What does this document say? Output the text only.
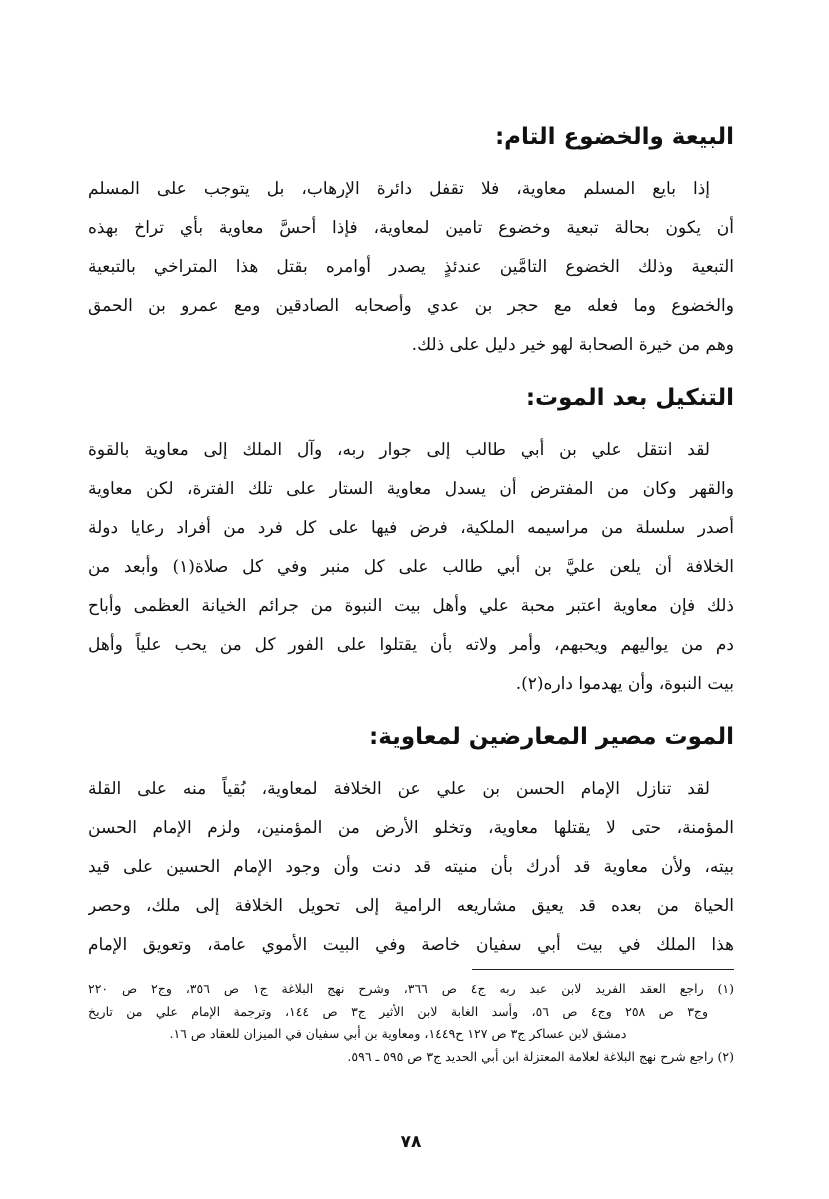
البيعة والخضوع التام:
إذا بايع المسلم معاوية، فلا تقفل دائرة الإرهاب، بل يتوجب على المسلم
أن يكون بحالة تبعية وخضوع تامين لمعاوية، فإذا أحسَّ معاوية بأي تراخ بهذه
التبعية وذلك الخضوع التامَّين عندئذٍ يصدر أوامره بقتل هذا المتراخي بالتبعية
والخضوع وما فعله مع حجر بن عدي وأصحابه الصادقين ومع عمرو بن الحمق
وهم من خيرة الصحابة لهو خير دليل على ذلك.
التنكيل بعد الموت:
لقد انتقل علي بن أبي طالب إلى جوار ربه، وآل الملك إلى معاوية بالقوة
والقهر وكان من المفترض أن يسدل معاوية الستار على تلك الفترة، لكن معاوية
أصدر سلسلة من مراسيمه الملكية، فرض فيها على كل فرد من أفراد رعايا دولة
الخلافة أن يلعن عليَّ بن أبي طالب على كل منبر وفي كل صلاة(١) وأبعد من
ذلك فإن معاوية اعتبر محبة علي وأهل بيت النبوة من جرائم الخيانة العظمى وأباح
دم من يواليهم ويحبهم، وأمر ولاته بأن يقتلوا على الفور كل من يحب علياً وأهل
بيت النبوة، وأن يهدموا داره(٢).
الموت مصير المعارضين لمعاوية:
لقد تنازل الإمام الحسن بن علي عن الخلافة لمعاوية، بُقياً منه على القلة
المؤمنة، حتى لا يقتلها معاوية، وتخلو الأرض من المؤمنين، ولزم الإمام الحسن
بيته، ولأن معاوية قد أدرك بأن منيته قد دنت وأن وجود الإمام الحسين على قيد
الحياة من بعده قد يعيق مشاريعه الرامية إلى تحويل الخلافة إلى ملك، وحصر
هذا الملك في بيت أبي سفيان خاصة وفي البيت الأموي عامة، وتعويق الإمام
(١) راجع العقد الفريد لابن عبد ربه ج٤ ص ٣٦٦، وشرح نهج البلاغة ج١ ص ٣٥٦، وج٢ ص ٢٢٠
وج٣ ص ٢٥٨ وج٤ ص ٥٦، وأسد الغابة لابن الأثير ج٣ ص ١٤٤، وترجمة الإمام علي من تاريخ
دمشق لابن عساكر ج٣ ص ١٢٧ ح١٤٤٩، ومعاوية بن أبي سفيان في الميزان للعقاد ص ١٦.
(٢) راجع شرح نهج البلاغة لعلامة المعتزلة ابن أبي الحديد ج٣ ص ٥٩٥ ـ ٥٩٦.
٧٨
